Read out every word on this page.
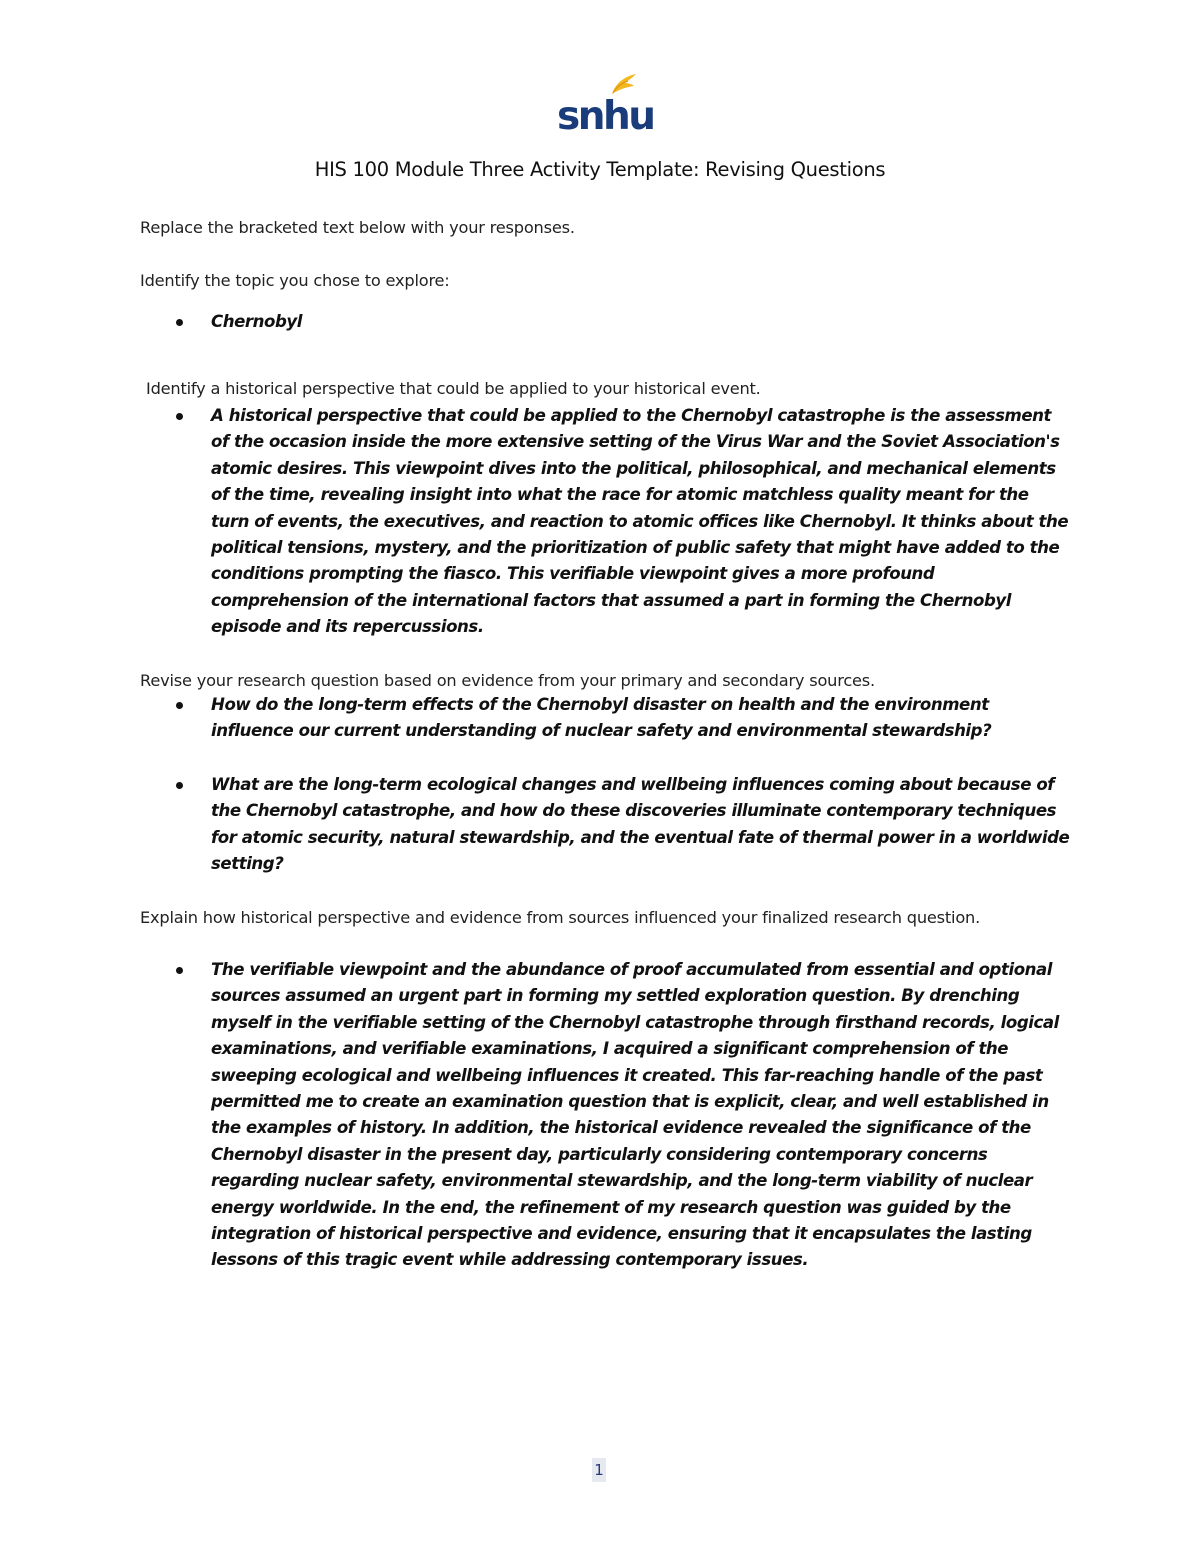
snhu
HIS 100 Module Three Activity Template: Revising Questions
Replace the bracketed text below with your responses.
Identify the topic you chose to explore:
Chernobyl
Identify a historical perspective that could be applied to your historical event.
A historical perspective that could be applied to the Chernobyl catastrophe is the assessment of the occasion inside the more extensive setting of the Virus War and the Soviet Association's atomic desires. This viewpoint dives into the political, philosophical, and mechanical elements of the time, revealing insight into what the race for atomic matchless quality meant for the turn of events, the executives, and reaction to atomic offices like Chernobyl. It thinks about the political tensions, mystery, and the prioritization of public safety that might have added to the conditions prompting the fiasco. This verifiable viewpoint gives a more profound comprehension of the international factors that assumed a part in forming the Chernobyl episode and its repercussions.
Revise your research question based on evidence from your primary and secondary sources.
How do the long-term effects of the Chernobyl disaster on health and the environment influence our current understanding of nuclear safety and environmental stewardship?
What are the long-term ecological changes and wellbeing influences coming about because of the Chernobyl catastrophe, and how do these discoveries illuminate contemporary techniques for atomic security, natural stewardship, and the eventual fate of thermal power in a worldwide setting?
Explain how historical perspective and evidence from sources influenced your finalized research question.
The verifiable viewpoint and the abundance of proof accumulated from essential and optional sources assumed an urgent part in forming my settled exploration question. By drenching myself in the verifiable setting of the Chernobyl catastrophe through firsthand records, logical examinations, and verifiable examinations, I acquired a significant comprehension of the sweeping ecological and wellbeing influences it created. This far-reaching handle of the past permitted me to create an examination question that is explicit, clear, and well established in the examples of history. In addition, the historical evidence revealed the significance of the Chernobyl disaster in the present day, particularly considering contemporary concerns regarding nuclear safety, environmental stewardship, and the long-term viability of nuclear energy worldwide. In the end, the refinement of my research question was guided by the integration of historical perspective and evidence, ensuring that it encapsulates the lasting lessons of this tragic event while addressing contemporary issues.
1
